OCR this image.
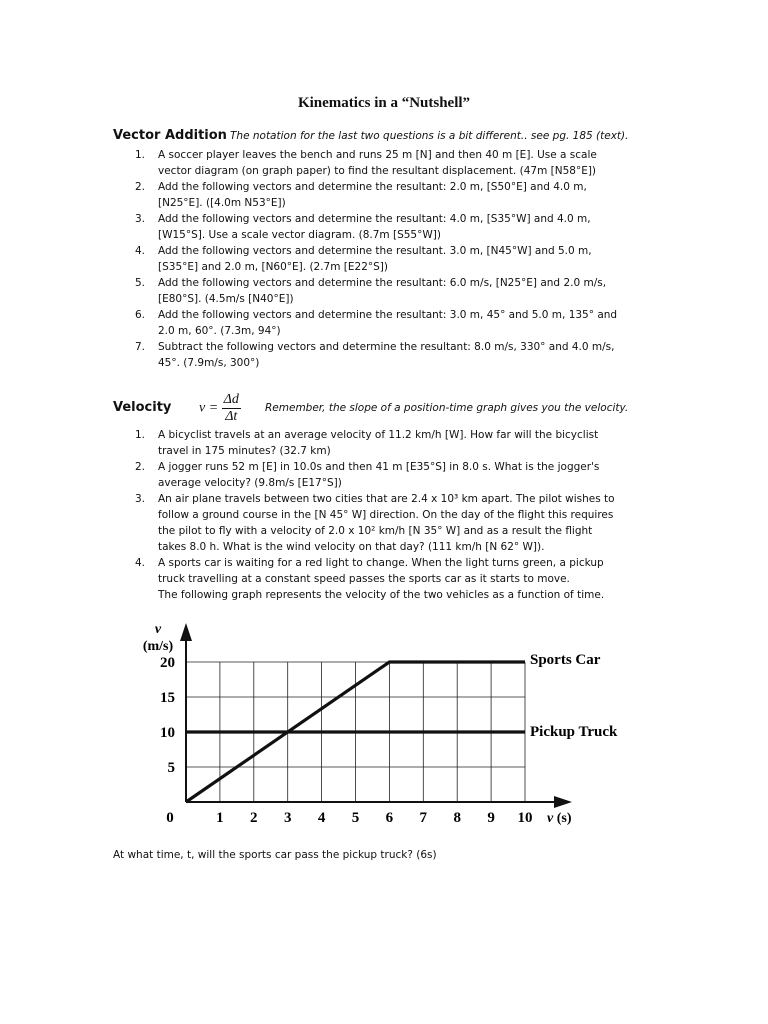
Kinematics in a “Nutshell”
Vector Addition The notation for the last two questions is a bit different.. see pg. 185 (text).
1. A soccer player leaves the bench and runs 25 m [N] and then 40 m [E]. Use a scale vector diagram (on graph paper) to find the resultant displacement. (47m [N58°E])
2. Add the following vectors and determine the resultant: 2.0 m, [S50°E] and 4.0 m, [N25°E]. ([4.0m N53°E])
3. Add the following vectors and determine the resultant: 4.0 m, [S35°W] and 4.0 m, [W15°S]. Use a scale vector diagram. (8.7m [S55°W])
4. Add the following vectors and determine the resultant. 3.0 m, [N45°W] and 5.0 m, [S35°E] and 2.0 m, [N60°E]. (2.7m [E22°S])
5. Add the following vectors and determine the resultant: 6.0 m/s, [N25°E] and 2.0 m/s, [E80°S]. (4.5m/s [N40°E])
6. Add the following vectors and determine the resultant: 3.0 m, 45° and 5.0 m, 135° and 2.0 m, 60°. (7.3m, 94°)
7. Subtract the following vectors and determine the resultant: 8.0 m/s, 330° and 4.0 m/s, 45°. (7.9m/s, 300°)
Velocity $v = \frac{\Delta d}{\Delta t}$ Remember, the slope of a position-time graph gives you the velocity.
1. A bicyclist travels at an average velocity of 11.2 km/h [W]. How far will the bicyclist travel in 175 minutes? (32.7 km)
2. A jogger runs 52 m [E] in 10.0s and then 41 m [E35°S] in 8.0 s. What is the jogger's average velocity? (9.8m/s [E17°S])
3. An air plane travels between two cities that are 2.4 x 10³ km apart. The pilot wishes to follow a ground course in the [N 45° W] direction. On the day of the flight this requires the pilot to fly with a velocity of 2.0 x 10² km/h [N 35° W] and as a result the flight takes 8.0 h. What is the wind velocity on that day? (111 km/h [N 62° W]).
4. A sports car is waiting for a red light to change. When the light turns green, a pickup truck travelling at a constant speed passes the sports car as it starts to move.
The following graph represents the velocity of the two vehicles as a function of time.
0	1 2 3 4 5 6 7 8 9 10
5
10
15
20
v
(m/s)
v (s)
Sports Car
Pickup Truck
At what time, t, will the sports car pass the pickup truck? (6s)
